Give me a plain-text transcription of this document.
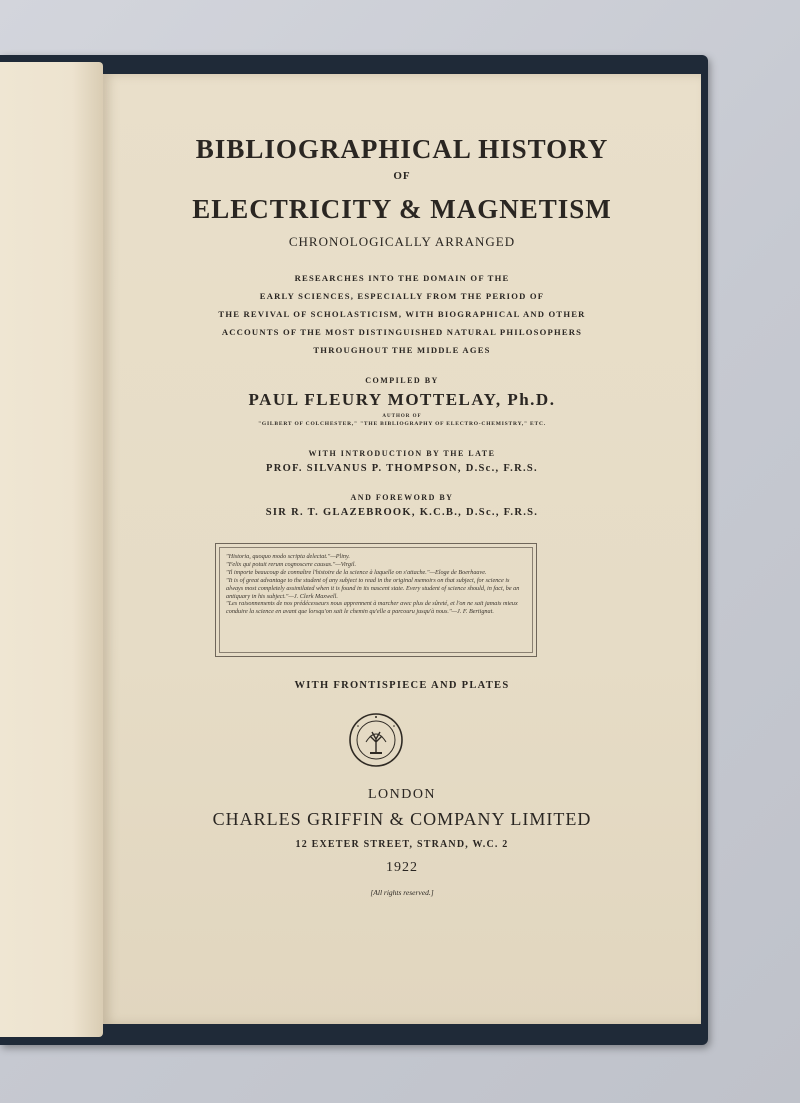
BIBLIOGRAPHICAL HISTORY
OF
ELECTRICITY & MAGNETISM
CHRONOLOGICALLY ARRANGED
RESEARCHES INTO THE DOMAIN OF THE
EARLY SCIENCES, ESPECIALLY FROM THE PERIOD OF
THE REVIVAL OF SCHOLASTICISM, WITH BIOGRAPHICAL AND OTHER
ACCOUNTS OF THE MOST DISTINGUISHED NATURAL PHILOSOPHERS
THROUGHOUT THE MIDDLE AGES
COMPILED BY
PAUL FLEURY MOTTELAY, Ph.D.
AUTHOR OF
"GILBERT OF COLCHESTER," "THE BIBLIOGRAPHY OF ELECTRO-CHEMISTRY," ETC.
WITH INTRODUCTION BY THE LATE
PROF. SILVANUS P. THOMPSON, D.Sc., F.R.S.
AND FOREWORD BY
SIR R. T. GLAZEBROOK, K.C.B., D.Sc., F.R.S.
"Historia, quoquo modo scripta delectat."—Pliny.
"Felix qui potuit rerum cognoscere causas."—Virgil.
"Il importe beaucoup de connaître l'histoire de la science à laquelle on s'attache."—Eloge de Boerhaave.
"It is of great advantage to the student of any subject to read in the original memoirs on that subject, for science is always most completely assimilated when it is found in its nascent state. Every student of science should, in fact, be an antiquary in his subject."—J. Clerk Maxwell.
"Les raisonnements de nos prédécesseurs nous apprennent à marcher avec plus de sûreté, et l'on ne sait jamais mieux conduire la science en avant que lorsqu'on sait le chemin qu'elle a parcouru jusqu'à nous."—J. F. Bertignat.
WITH FRONTISPIECE AND PLATES
LONDON
CHARLES GRIFFIN & COMPANY LIMITED
12 EXETER STREET, STRAND, W.C. 2
1922
[All rights reserved.]
